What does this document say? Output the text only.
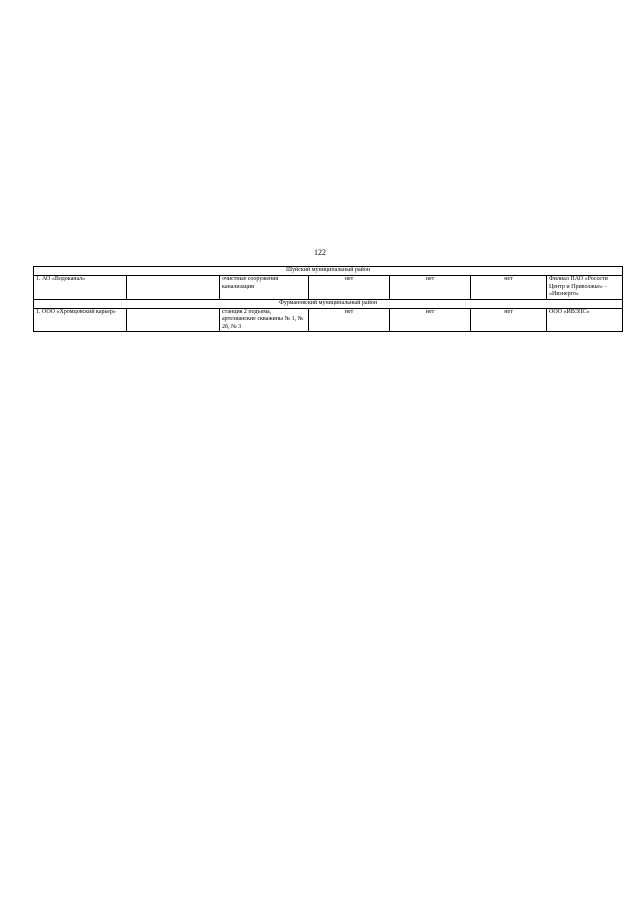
122
Шуйский муниципальный район						
1. АО «Водоканал»		очистные сооружения канализации	нет	нет	нет	Филиал ПАО «Россети Центр и Приволжье» - «Ивэнерго»
Фурмановский муниципальный район						
1. ООО «Хромцовский карьер»		станция 2 подъема, артезианские скважины № 1, № 2б, № 3	нет	нет	нет	ООО «ИВЭЛС»
